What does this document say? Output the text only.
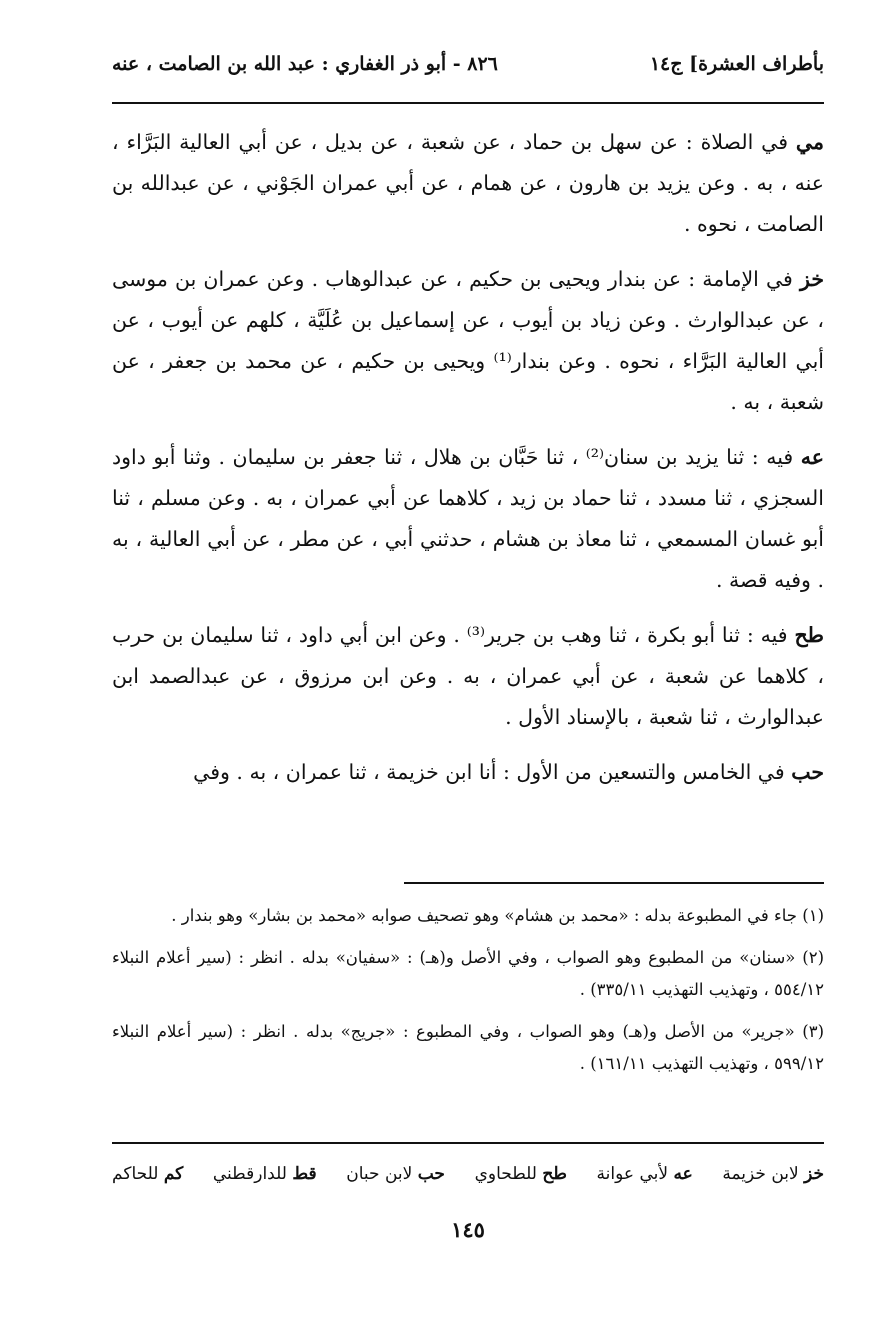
بأطراف العشرة] ج١٤
٨٢٦ - أبو ذر الغفاري : عبد الله بن الصامت ، عنه

مي في الصلاة : عن سهل بن حماد ، عن شعبة ، عن بديل ، عن أبي العالية البَرَّاء ، عنه ، به . وعن يزيد بن هارون ، عن همام ، عن أبي عمران الجَوْني ، عن عبدالله بن الصامت ، نحوه .

خز في الإمامة : عن بندار ويحيى بن حكيم ، عن عبدالوهاب . وعن عمران بن موسى ، عن عبدالوارث . وعن زياد بن أيوب ، عن إسماعيل بن عُلَيَّة ، كلهم عن أيوب ، عن أبي العالية البَرَّاء ، نحوه . وعن بندار⁽¹⁾ ويحيى بن حكيم ، عن محمد بن جعفر ، عن شعبة ، به .

عه فيه : ثنا يزيد بن سنان⁽²⁾ ، ثنا حَبَّان بن هلال ، ثنا جعفر بن سليمان . وثنا أبو داود السجزي ، ثنا مسدد ، ثنا حماد بن زيد ، كلاهما عن أبي عمران ، به . وعن مسلم ، ثنا أبو غسان المسمعي ، ثنا معاذ بن هشام ، حدثني أبي ، عن مطر ، عن أبي العالية ، به . وفيه قصة .

طح فيه : ثنا أبو بكرة ، ثنا وهب بن جرير⁽³⁾ . وعن ابن أبي داود ، ثنا سليمان بن حرب ، كلاهما عن شعبة ، عن أبي عمران ، به . وعن ابن مرزوق ، عن عبدالصمد ابن عبدالوارث ، ثنا شعبة ، بالإسناد الأول .

حب في الخامس والتسعين من الأول : أنا ابن خزيمة ، ثنا عمران ، به . وفي

(١) جاء في المطبوعة بدله : «محمد بن هشام» وهو تصحيف صوابه «محمد بن بشار» وهو بندار .

(٢) «سنان» من المطبوع وهو الصواب ، وفي الأصل و(هـ) : «سفيان» بدله . انظر : (سير أعلام النبلاء ٥٥٤/١٢ ، وتهذيب التهذيب ٣٣٥/١١) .

(٣) «جرير» من الأصل و(هـ) وهو الصواب ، وفي المطبوع : «جريج» بدله . انظر : (سير أعلام النبلاء ٥٩٩/١٢ ، وتهذيب التهذيب ١٦١/١١) .

خز لابن خزيمة
عه لأبي عوانة
طح للطحاوي
حب لابن حبان
قط للدارقطني
كم للحاكم
١٤٥
